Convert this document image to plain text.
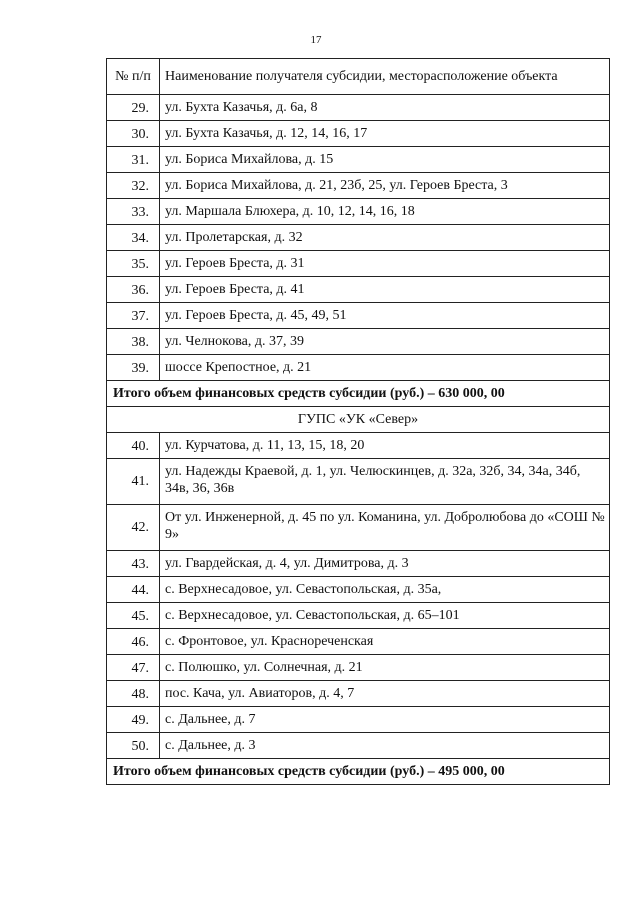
17
№ п/п	Наименование получателя субсидии, месторасположение объекта
29.	ул. Бухта Казачья, д. 6а, 8
30.	ул. Бухта Казачья, д. 12, 14, 16, 17
31.	ул. Бориса Михайлова, д. 15
32.	ул. Бориса Михайлова, д. 21, 23б, 25, ул. Героев Бреста, 3
33.	ул. Маршала Блюхера, д. 10, 12, 14, 16, 18
34.	ул. Пролетарская, д. 32
35.	ул. Героев Бреста, д. 31
36.	ул. Героев Бреста, д. 41
37.	ул. Героев Бреста, д. 45, 49, 51
38.	ул. Челнокова, д. 37, 39
39.	шоссе Крепостное, д. 21
Итого объем финансовых средств субсидии (руб.) – 630 000, 00	
ГУПС «УК «Север»	
40.	ул. Курчатова, д. 11, 13, 15, 18, 20
41.	ул. Надежды Краевой, д. 1, ул. Челюскинцев, д. 32а, 32б, 34, 34а, 34б, 34в, 36, 36в
42.	От ул. Инженерной, д. 45 по ул. Команина, ул. Добролюбова до «СОШ № 9»
43.	ул. Гвардейская, д. 4, ул. Димитрова, д. 3
44.	с. Верхнесадовое, ул. Севастопольская, д. 35а,
45.	с. Верхнесадовое, ул. Севастопольская, д. 65–101
46.	с. Фронтовое, ул. Краснореченская
47.	с. Полюшко, ул. Солнечная, д. 21
48.	пос. Кача, ул. Авиаторов, д. 4, 7
49.	с. Дальнее, д. 7
50.	с. Дальнее, д. 3
Итого объем финансовых средств субсидии (руб.) – 495 000, 00	
